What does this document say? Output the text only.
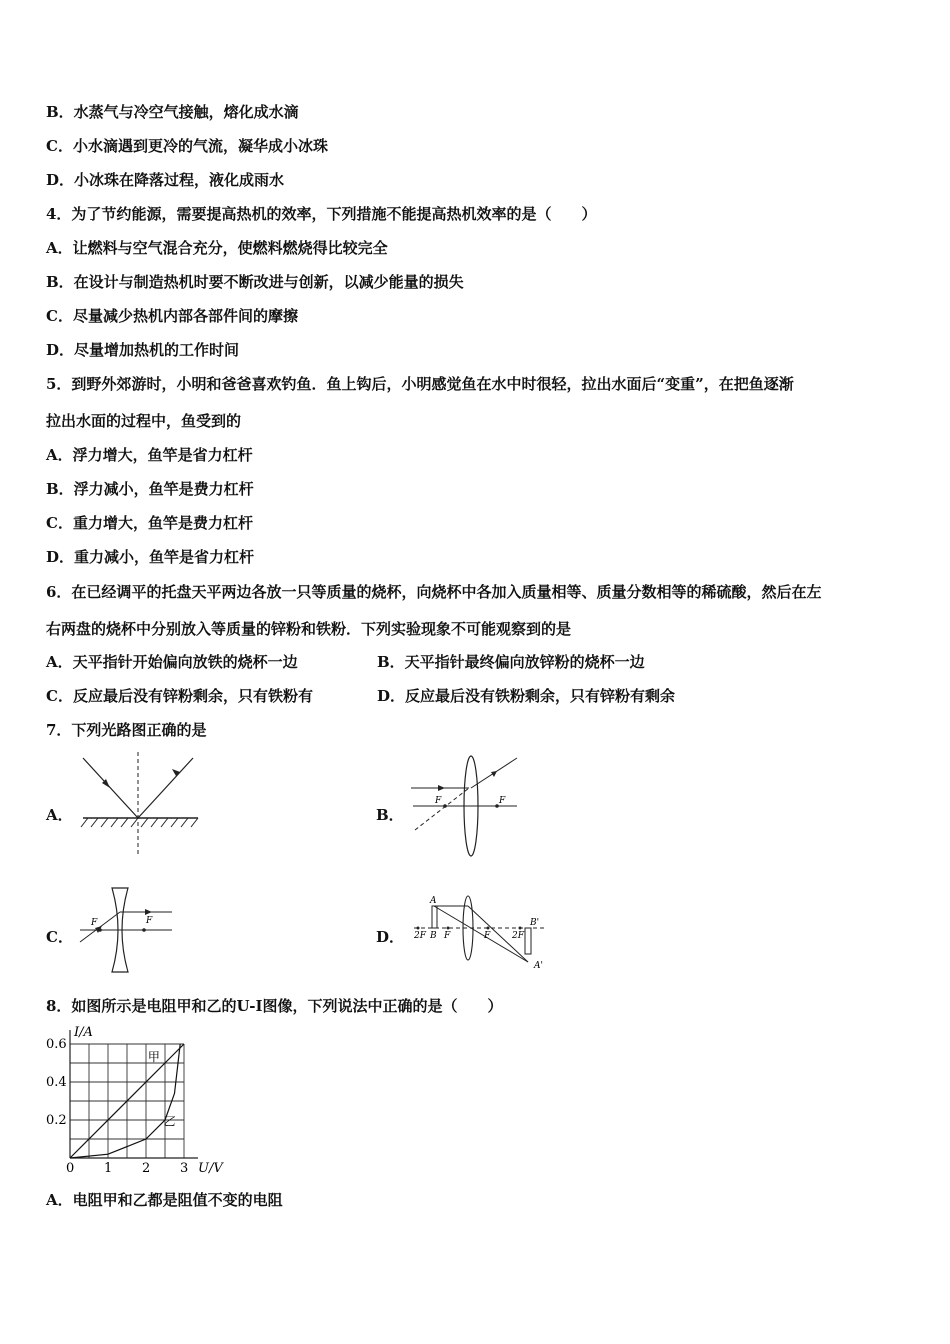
B．水蒸气与冷空气接触，熔化成水滴
C．小水滴遇到更冷的气流，凝华成小冰珠
D．小冰珠在降落过程，液化成雨水
4．为了节约能源，需要提高热机的效率，下列措施不能提高热机效率的是（　　）
A．让燃料与空气混合充分，使燃料燃烧得比较完全
B．在设计与制造热机时要不断改进与创新，以减少能量的损失
C．尽量减少热机内部各部件间的摩擦
D．尽量增加热机的工作时间
5．到野外郊游时，小明和爸爸喜欢钓鱼．鱼上钩后，小明感觉鱼在水中时很轻，拉出水面后“变重”，在把鱼逐渐
拉出水面的过程中，鱼受到的
A．浮力增大，鱼竿是省力杠杆
B．浮力减小，鱼竿是费力杠杆
C．重力增大，鱼竿是费力杠杆
D．重力减小，鱼竿是省力杠杆
6．在已经调平的托盘天平两边各放一只等质量的烧杯，向烧杯中各加入质量相等、质量分数相等的稀硫酸，然后在左
右两盘的烧杯中分别放入等质量的锌粉和铁粉．下列实验现象不可能观察到的是
A．天平指针开始偏向放铁的烧杯一边	B．天平指针最终偏向放锌粉的烧杯一边
C．反应最后没有锌粉剩余，只有铁粉有	D．反应最后没有铁粉剩余，只有锌粉有剩余
7．下列光路图正确的是
A．	B．
F	F
C．
F	F
D．
A
B
2F F	F 2F
B'
A'
8．如图所示是电阻甲和乙的U-I图像，下列说法中正确的是（　　）
0 1 2 3
0.2
0.4
0.6
U/V
I/A
甲
乙
A．电阻甲和乙都是阻值不变的电阻
